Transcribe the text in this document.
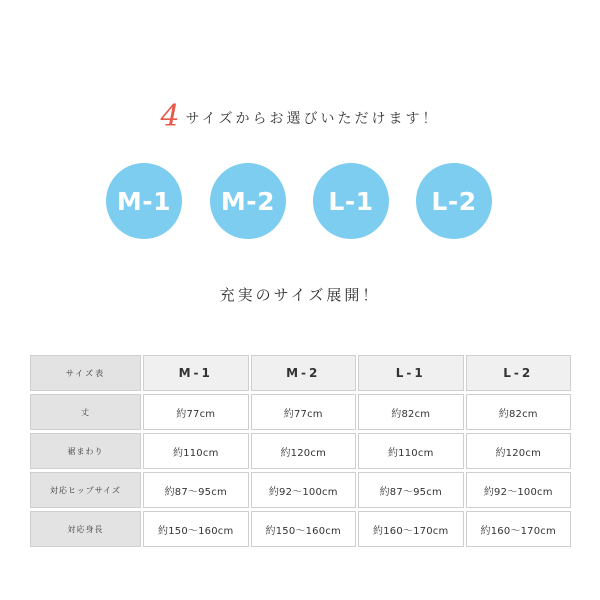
4 サイズからお選びいただけます！
M-1 M-2 L-1 L-2
充実のサイズ展開！
サイズ表		M-1		M-2		L-1		L-2

丈		約77cm		約77cm		約82cm		約82cm

裾まわり		約110cm		約120cm		約110cm		約120cm

対応ヒップサイズ		約87〜95cm		約92〜100cm		約87〜95cm		約92〜100cm

対応身長		約150〜160cm		約150〜160cm		約160〜170cm		約160〜170cm
